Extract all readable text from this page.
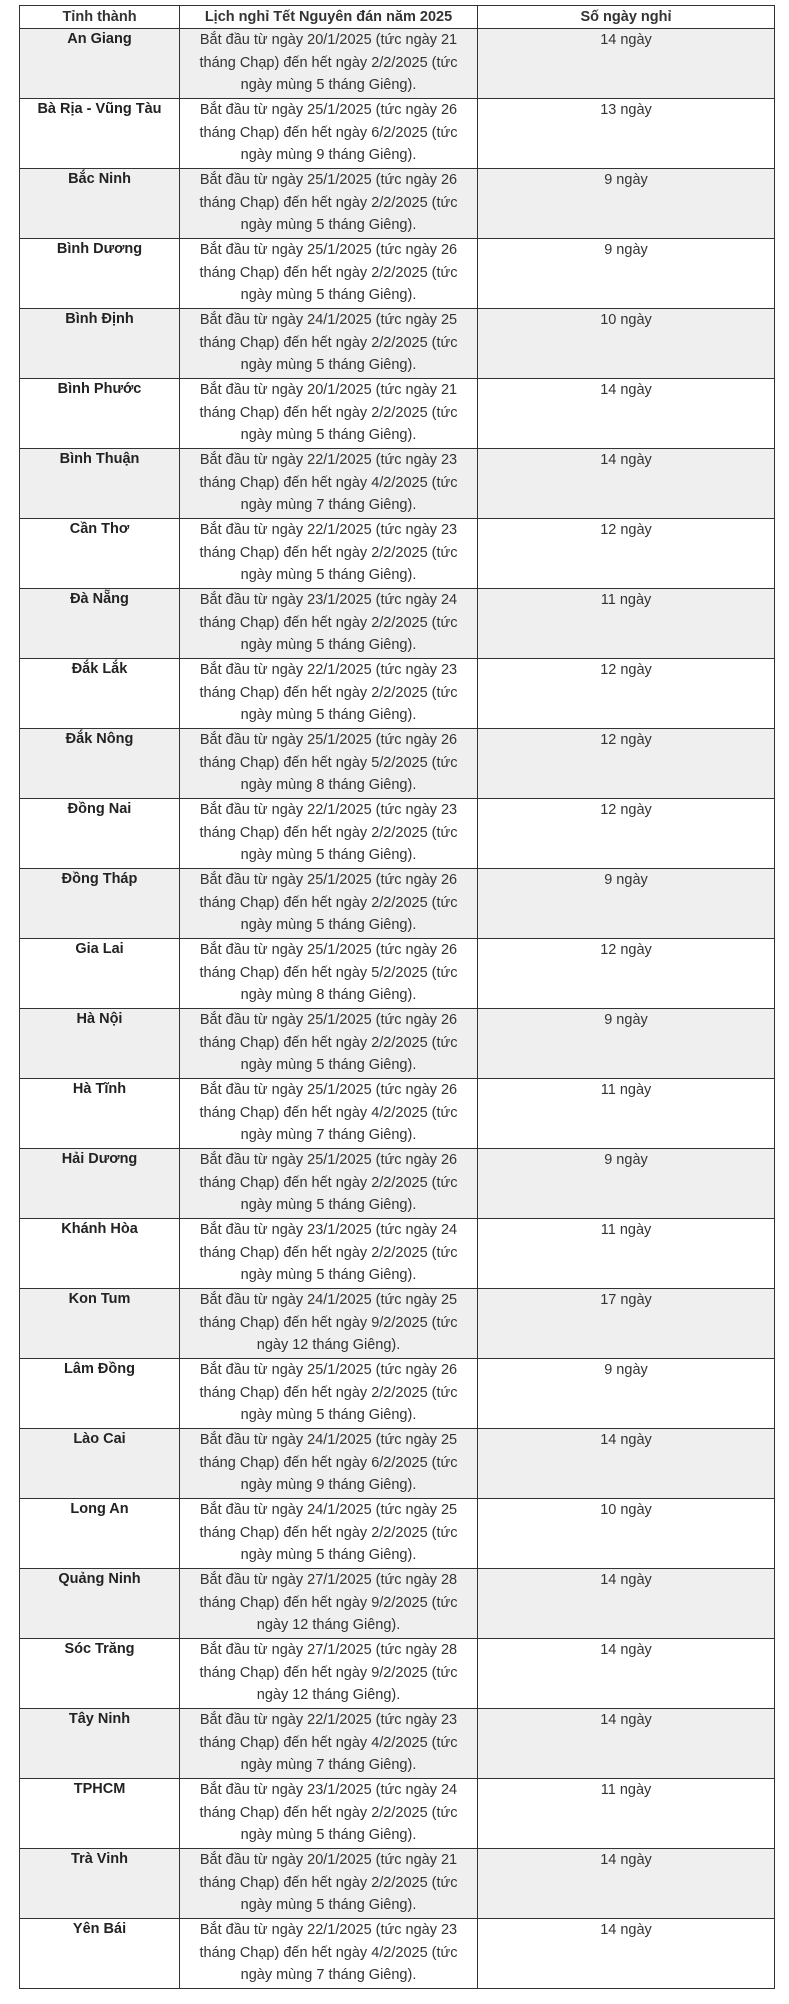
Tỉnh thành	Lịch nghỉ Tết Nguyên đán năm 2025	Số ngày nghỉ
An Giang	Bắt đầu từ ngày 20/1/2025 (tức ngày 21 tháng Chạp) đến hết ngày 2/2/2025 (tức ngày mùng 5 tháng Giêng).	14 ngày
Bà Rịa - Vũng Tàu	Bắt đầu từ ngày 25/1/2025 (tức ngày 26 tháng Chạp) đến hết ngày 6/2/2025 (tức ngày mùng 9 tháng Giêng).	13 ngày
Bắc Ninh	Bắt đầu từ ngày 25/1/2025 (tức ngày 26 tháng Chạp) đến hết ngày 2/2/2025 (tức ngày mùng 5 tháng Giêng).	9 ngày
Bình Dương	Bắt đầu từ ngày 25/1/2025 (tức ngày 26 tháng Chạp) đến hết ngày 2/2/2025 (tức ngày mùng 5 tháng Giêng).	9 ngày
Bình Định	Bắt đầu từ ngày 24/1/2025 (tức ngày 25 tháng Chạp) đến hết ngày 2/2/2025 (tức ngày mùng 5 tháng Giêng).	10 ngày
Bình Phước	Bắt đầu từ ngày 20/1/2025 (tức ngày 21 tháng Chạp) đến hết ngày 2/2/2025 (tức ngày mùng 5 tháng Giêng).	14 ngày
Bình Thuận	Bắt đầu từ ngày 22/1/2025 (tức ngày 23 tháng Chạp) đến hết ngày 4/2/2025 (tức ngày mùng 7 tháng Giêng).	14 ngày
Cần Thơ	Bắt đầu từ ngày 22/1/2025 (tức ngày 23 tháng Chạp) đến hết ngày 2/2/2025 (tức ngày mùng 5 tháng Giêng).	12 ngày
Đà Nẵng	Bắt đầu từ ngày 23/1/2025 (tức ngày 24 tháng Chạp) đến hết ngày 2/2/2025 (tức ngày mùng 5 tháng Giêng).	11 ngày
Đắk Lắk	Bắt đầu từ ngày 22/1/2025 (tức ngày 23 tháng Chạp) đến hết ngày 2/2/2025 (tức ngày mùng 5 tháng Giêng).	12 ngày
Đắk Nông	Bắt đầu từ ngày 25/1/2025 (tức ngày 26 tháng Chạp) đến hết ngày 5/2/2025 (tức ngày mùng 8 tháng Giêng).	12 ngày
Đồng Nai	Bắt đầu từ ngày 22/1/2025 (tức ngày 23 tháng Chạp) đến hết ngày 2/2/2025 (tức ngày mùng 5 tháng Giêng).	12 ngày
Đồng Tháp	Bắt đầu từ ngày 25/1/2025 (tức ngày 26 tháng Chạp) đến hết ngày 2/2/2025 (tức ngày mùng 5 tháng Giêng).	9 ngày
Gia Lai	Bắt đầu từ ngày 25/1/2025 (tức ngày 26 tháng Chạp) đến hết ngày 5/2/2025 (tức ngày mùng 8 tháng Giêng).	12 ngày
Hà Nội	Bắt đầu từ ngày 25/1/2025 (tức ngày 26 tháng Chạp) đến hết ngày 2/2/2025 (tức ngày mùng 5 tháng Giêng).	9 ngày
Hà Tĩnh	Bắt đầu từ ngày 25/1/2025 (tức ngày 26 tháng Chạp) đến hết ngày 4/2/2025 (tức ngày mùng 7 tháng Giêng).	11 ngày
Hải Dương	Bắt đầu từ ngày 25/1/2025 (tức ngày 26 tháng Chạp) đến hết ngày 2/2/2025 (tức ngày mùng 5 tháng Giêng).	9 ngày
Khánh Hòa	Bắt đầu từ ngày 23/1/2025 (tức ngày 24 tháng Chạp) đến hết ngày 2/2/2025 (tức ngày mùng 5 tháng Giêng).	11 ngày
Kon Tum	Bắt đầu từ ngày 24/1/2025 (tức ngày 25 tháng Chạp) đến hết ngày 9/2/2025 (tức ngày 12 tháng Giêng).	17 ngày
Lâm Đồng	Bắt đầu từ ngày 25/1/2025 (tức ngày 26 tháng Chạp) đến hết ngày 2/2/2025 (tức ngày mùng 5 tháng Giêng).	9 ngày
Lào Cai	Bắt đầu từ ngày 24/1/2025 (tức ngày 25 tháng Chạp) đến hết ngày 6/2/2025 (tức ngày mùng 9 tháng Giêng).	14 ngày
Long An	Bắt đầu từ ngày 24/1/2025 (tức ngày 25 tháng Chạp) đến hết ngày 2/2/2025 (tức ngày mùng 5 tháng Giêng).	10 ngày
Quảng Ninh	Bắt đầu từ ngày 27/1/2025 (tức ngày 28 tháng Chạp) đến hết ngày 9/2/2025 (tức ngày 12 tháng Giêng).	14 ngày
Sóc Trăng	Bắt đầu từ ngày 27/1/2025 (tức ngày 28 tháng Chạp) đến hết ngày 9/2/2025 (tức ngày 12 tháng Giêng).	14 ngày
Tây Ninh	Bắt đầu từ ngày 22/1/2025 (tức ngày 23 tháng Chạp) đến hết ngày 4/2/2025 (tức ngày mùng 7 tháng Giêng).	14 ngày
TPHCM	Bắt đầu từ ngày 23/1/2025 (tức ngày 24 tháng Chạp) đến hết ngày 2/2/2025 (tức ngày mùng 5 tháng Giêng).	11 ngày
Trà Vinh	Bắt đầu từ ngày 20/1/2025 (tức ngày 21 tháng Chạp) đến hết ngày 2/2/2025 (tức ngày mùng 5 tháng Giêng).	14 ngày
Yên Bái	Bắt đầu từ ngày 22/1/2025 (tức ngày 23 tháng Chạp) đến hết ngày 4/2/2025 (tức ngày mùng 7 tháng Giêng).	14 ngày
